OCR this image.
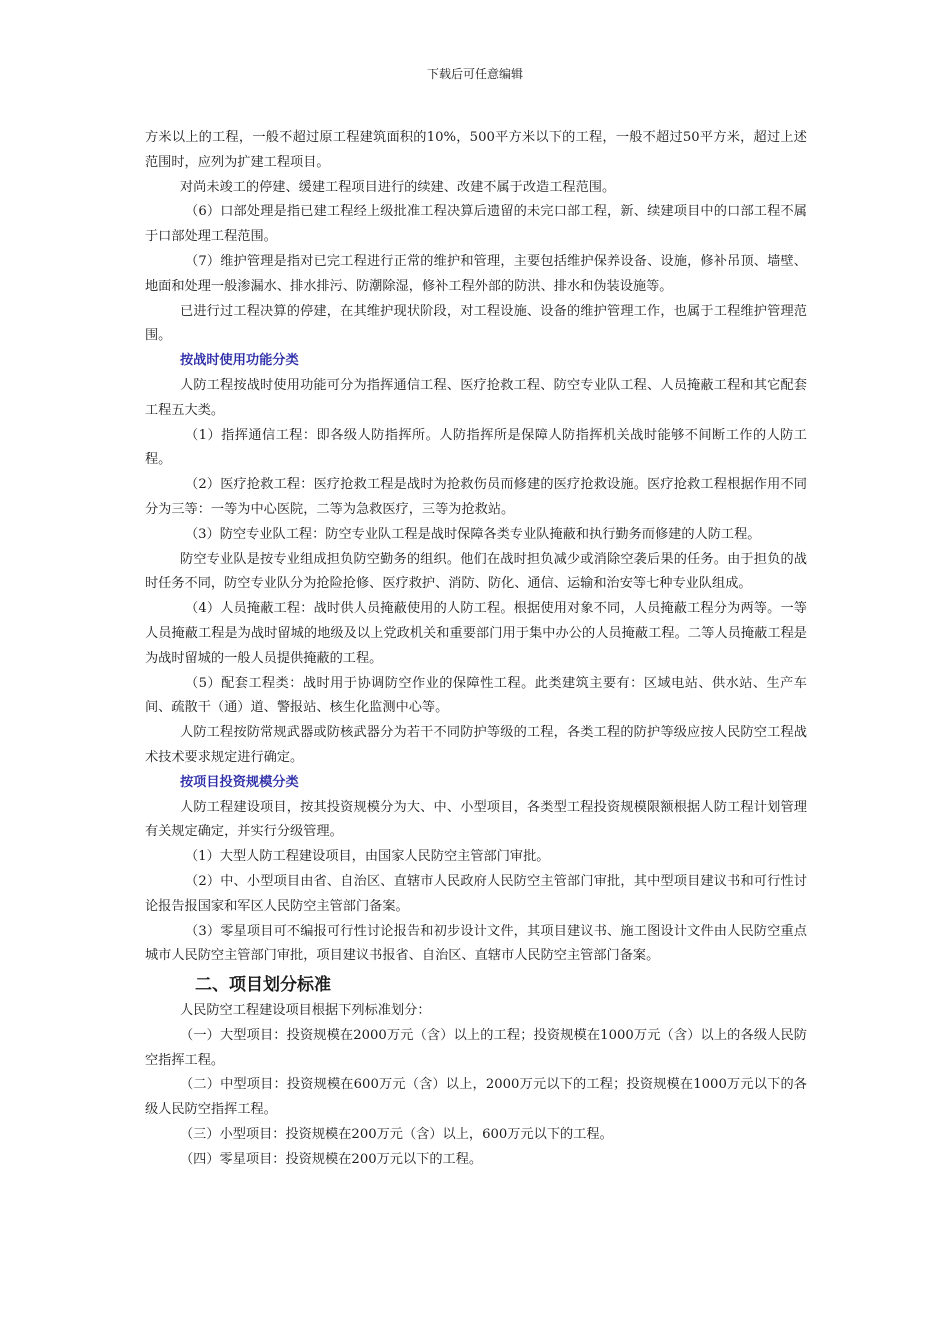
下载后可任意编辑

方米以上的工程，一般不超过原工程建筑面积的10%，500平方米以下的工程，一般不超过50平方米，超过上述范围时，应列为扩建工程项目。

对尚未竣工的停建、缓建工程项目进行的续建、改建不属于改造工程范围。

（6）口部处理是指已建工程经上级批准工程决算后遗留的未完口部工程，新、续建项目中的口部工程不属于口部处理工程范围。

（7）维护管理是指对已完工程进行正常的维护和管理，主要包括维护保养设备、设施，修补吊顶、墙壁、地面和处理一般渗漏水、排水排污、防潮除湿，修补工程外部的防洪、排水和伪装设施等。

已进行过工程决算的停建，在其维护现状阶段，对工程设施、设备的维护管理工作，也属于工程维护管理范围。

按战时使用功能分类

人防工程按战时使用功能可分为指挥通信工程、医疗抢救工程、防空专业队工程、人员掩蔽工程和其它配套工程五大类。

（1）指挥通信工程：即各级人防指挥所。人防指挥所是保障人防指挥机关战时能够不间断工作的人防工程。

（2）医疗抢救工程：医疗抢救工程是战时为抢救伤员而修建的医疗抢救设施。医疗抢救工程根据作用不同分为三等：一等为中心医院，二等为急救医疗，三等为抢救站。

（3）防空专业队工程：防空专业队工程是战时保障各类专业队掩蔽和执行勤务而修建的人防工程。

防空专业队是按专业组成担负防空勤务的组织。他们在战时担负减少或消除空袭后果的任务。由于担负的战时任务不同，防空专业队分为抢险抢修、医疗救护、消防、防化、通信、运输和治安等七种专业队组成。

（4）人员掩蔽工程：战时供人员掩蔽使用的人防工程。根据使用对象不同，人员掩蔽工程分为两等。一等人员掩蔽工程是为战时留城的地级及以上党政机关和重要部门用于集中办公的人员掩蔽工程。二等人员掩蔽工程是为战时留城的一般人员提供掩蔽的工程。

（5）配套工程类：战时用于协调防空作业的保障性工程。此类建筑主要有：区域电站、供水站、生产车间、疏散干（通）道、警报站、核生化监测中心等。

人防工程按防常规武器或防核武器分为若干不同防护等级的工程，各类工程的防护等级应按人民防空工程战术技术要求规定进行确定。

按项目投资规模分类

人防工程建设项目，按其投资规模分为大、中、小型项目，各类型工程投资规模限额根据人防工程计划管理有关规定确定，并实行分级管理。

（1）大型人防工程建设项目，由国家人民防空主管部门审批。

（2）中、小型项目由省、自治区、直辖市人民政府人民防空主管部门审批，其中型项目建议书和可行性讨论报告报国家和军区人民防空主管部门备案。

（3）零星项目可不编报可行性讨论报告和初步设计文件，其项目建议书、施工图设计文件由人民防空重点城市人民防空主管部门审批，项目建议书报省、自治区、直辖市人民防空主管部门备案。

二、项目划分标准

人民防空工程建设项目根据下列标准划分：

（一）大型项目：投资规模在2000万元（含）以上的工程；投资规模在1000万元（含）以上的各级人民防空指挥工程。

（二）中型项目：投资规模在600万元（含）以上，2000万元以下的工程；投资规模在1000万元以下的各级人民防空指挥工程。

（三）小型项目：投资规模在200万元（含）以上，600万元以下的工程。

（四）零星项目：投资规模在200万元以下的工程。
